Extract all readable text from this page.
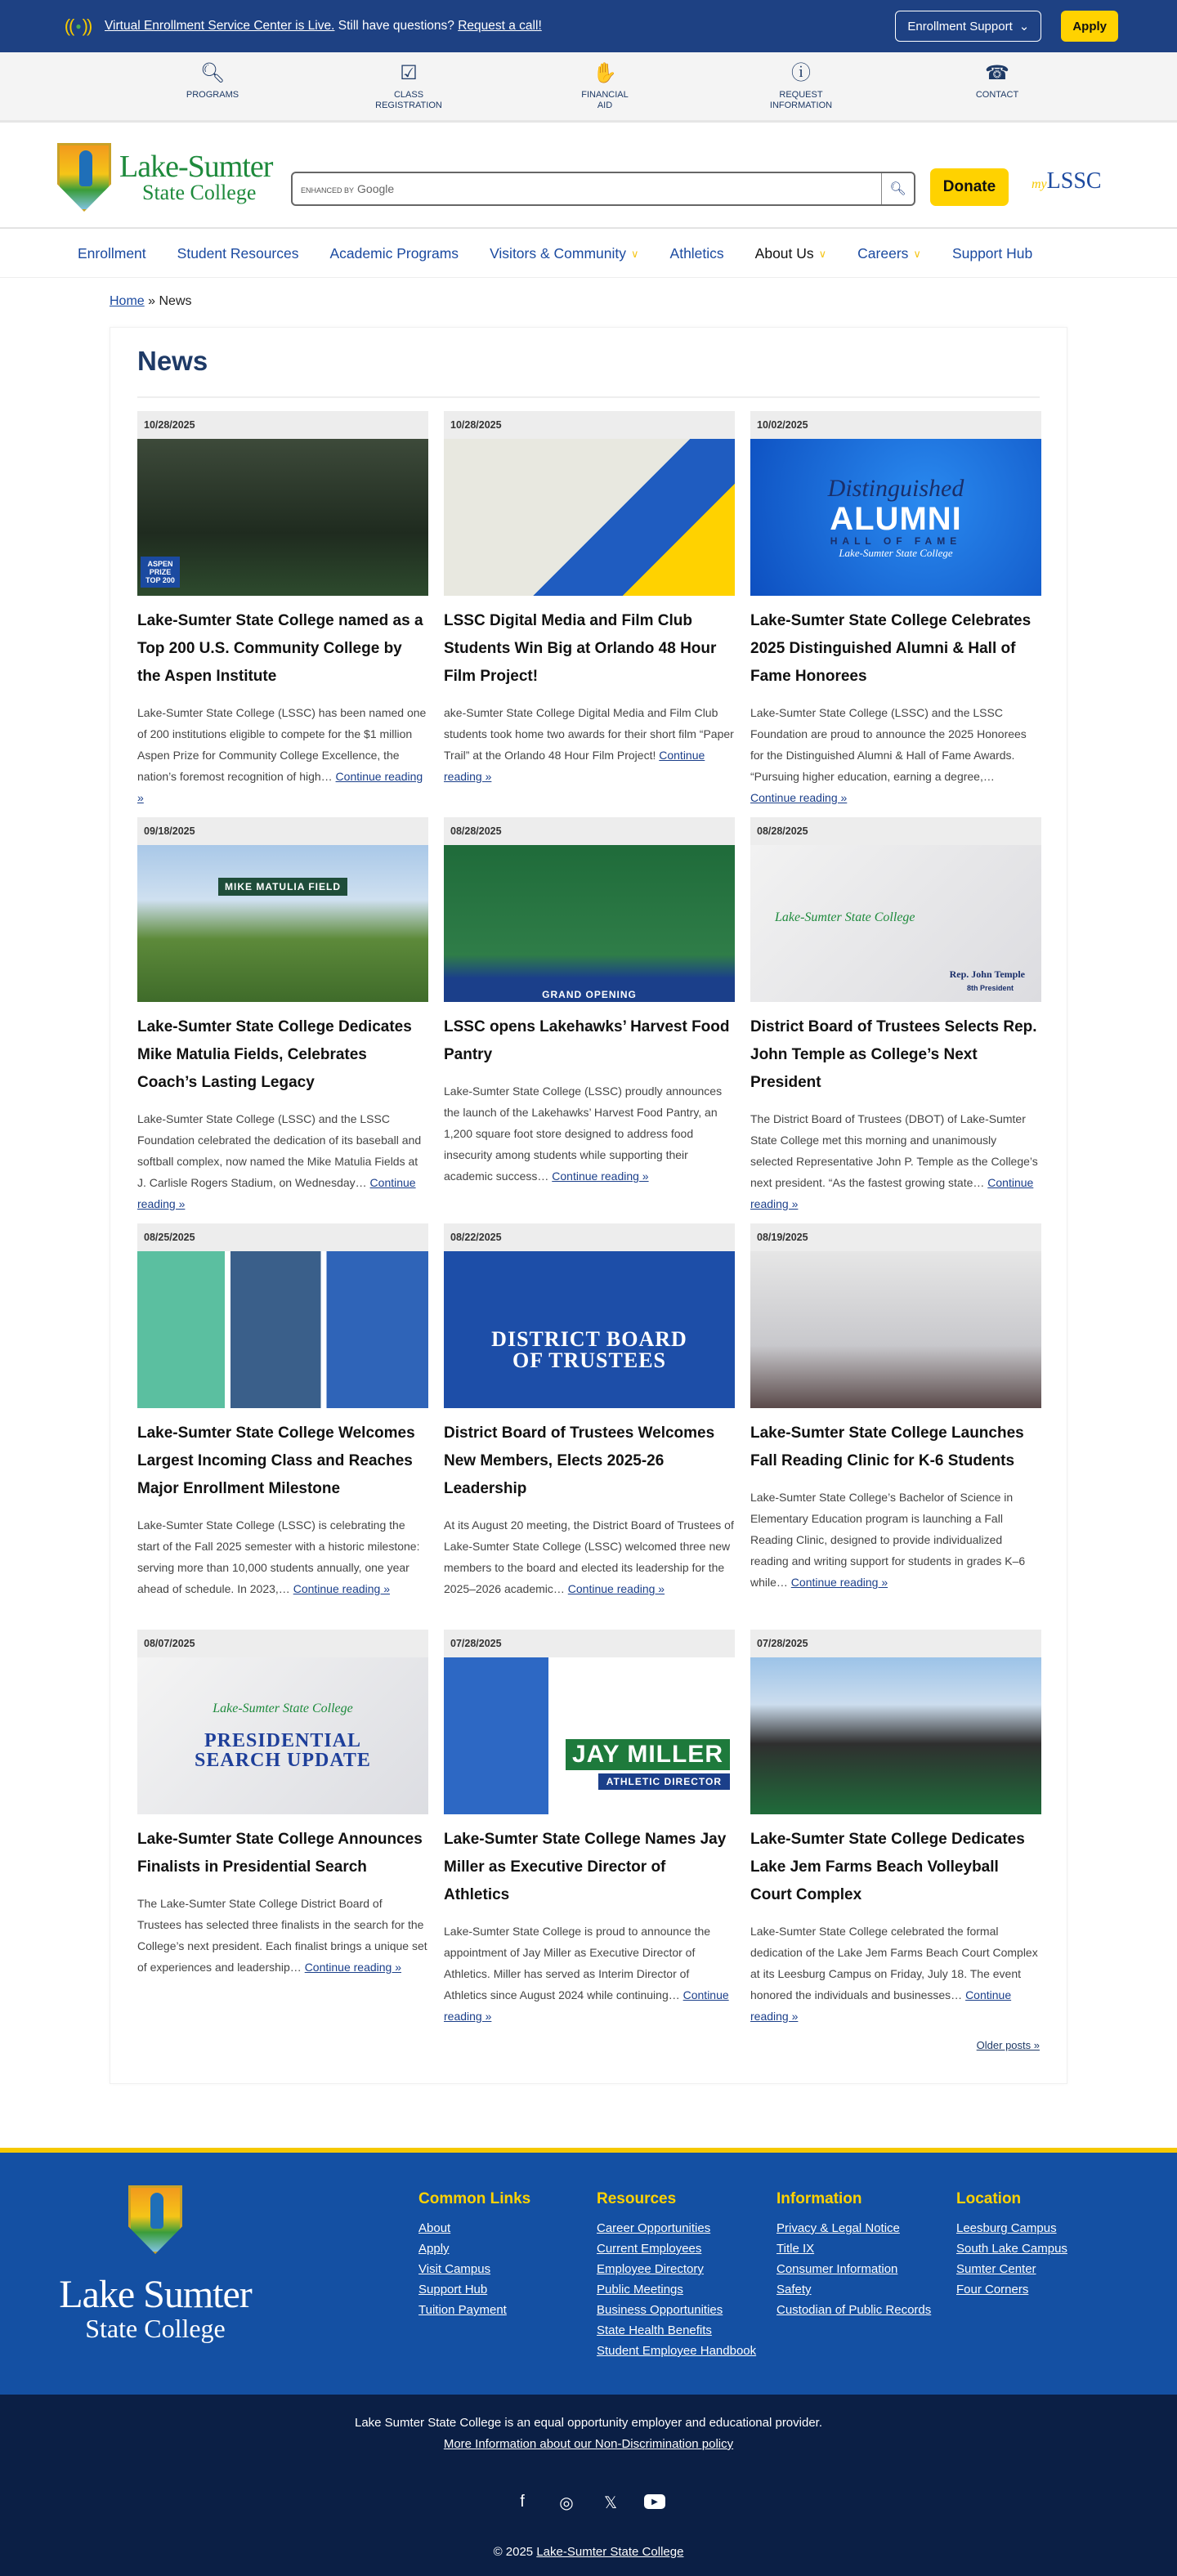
(( ● ))	Virtual Enrollment Service Center is Live.
Still have questions?
Request a call!	Enrollment Support ⌄	Apply
🔍︎
PROGRAMS
☑
CLASS
REGISTRATION
✋
FINANCIAL
AID
ⓘ
REQUEST
INFORMATION
☎
CONTACT
Lake-Sumter
State College	ENHANCED BY Google	🔍︎	Donate	myLSSC
Enrollment Student Resources Academic Programs Visitors & Community ∨ Athletics About Us ∨ Careers ∨ Support Hub
Home » News
News
10/28/2025
ASPEN PRIZE TOP 200
Lake-Sumter State College named as a Top 200 U.S. Community College by the Aspen Institute

Lake-Sumter State College (LSSC) has been named one of 200 institutions eligible to compete for the $1 million Aspen Prize for Community College Excellence, the nation’s foremost recognition of high… Continue reading »

10/28/2025
LSSC Digital Media and Film Club Students Win Big at Orlando 48 Hour Film Project!

ake-Sumter State College Digital Media and Film Club students took home two awards for their short film “Paper Trail” at the Orlando 48 Hour Film Project! Continue reading »

10/02/2025
Distinguished
ALUMNI
HALL OF FAME
Lake-Sumter State College
Lake-Sumter State College Celebrates 2025 Distinguished Alumni & Hall of Fame Honorees

Lake-Sumter State College (LSSC) and the LSSC Foundation are proud to announce the 2025 Honorees for the Distinguished Alumni & Hall of Fame Awards. “Pursuing higher education, earning a degree,… Continue reading »

09/18/2025
MIKE MATULIA FIELD
Lake-Sumter State College Dedicates Mike Matulia Fields, Celebrates Coach’s Lasting Legacy

Lake-Sumter State College (LSSC) and the LSSC Foundation celebrated the dedication of its baseball and softball complex, now named the Mike Matulia Fields at J. Carlisle Rogers Stadium, on Wednesday… Continue reading »

08/28/2025
GRAND OPENING
LSSC opens Lakehawks’ Harvest Food Pantry

Lake-Sumter State College (LSSC) proudly announces the launch of the Lakehawks’ Harvest Food Pantry, an 1,200 square foot store designed to address food insecurity among students while supporting their academic success… Continue reading »

08/28/2025
Lake-Sumter State College
Rep. John Temple
8th President
District Board of Trustees Selects Rep. John Temple as College’s Next President

The District Board of Trustees (DBOT) of Lake-Sumter State College met this morning and unanimously selected Representative John P. Temple as the College’s next president. “As the fastest growing state… Continue reading »

08/25/2025
Lake-Sumter State College Welcomes Largest Incoming Class and Reaches Major Enrollment Milestone

Lake-Sumter State College (LSSC) is celebrating the start of the Fall 2025 semester with a historic milestone: serving more than 10,000 students annually, one year ahead of schedule. In 2023,… Continue reading »

08/22/2025
DISTRICT BOARD
OF TRUSTEES
District Board of Trustees Welcomes New Members, Elects 2025-26 Leadership

At its August 20 meeting, the District Board of Trustees of Lake-Sumter State College (LSSC) welcomed three new members to the board and elected its leadership for the 2025–2026 academic… Continue reading »

08/19/2025
Lake-Sumter State College Launches Fall Reading Clinic for K-6 Students

Lake-Sumter State College’s Bachelor of Science in Elementary Education program is launching a Fall Reading Clinic, designed to provide individualized reading and writing support for students in grades K–6 while… Continue reading »

08/07/2025
Lake-Sumter State College
PRESIDENTIAL
SEARCH UPDATE
Lake-Sumter State College Announces Finalists in Presidential Search

The Lake-Sumter State College District Board of Trustees has selected three finalists in the search for the College’s next president. Each finalist brings a unique set of experiences and leadership… Continue reading »

07/28/2025
JAY MILLER
ATHLETIC DIRECTOR
Lake-Sumter State College Names Jay Miller as Executive Director of Athletics

Lake-Sumter State College is proud to announce the appointment of Jay Miller as Executive Director of Athletics. Miller has served as Interim Director of Athletics since August 2024 while continuing… Continue reading »

07/28/2025
Lake-Sumter State College Dedicates Lake Jem Farms Beach Volleyball Court Complex

Lake-Sumter State College celebrated the formal dedication of the Lake Jem Farms Beach Court Complex at its Leesburg Campus on Friday, July 18. The event honored the individuals and businesses… Continue reading »

Older posts »
Lake Sumter
State College
Common Links
About
Apply
Visit Campus
Support Hub
Tuition Payment
Resources
Career Opportunities
Current Employees
Employee Directory
Public Meetings
Business Opportunities
State Health Benefits
Student Employee Handbook
Information
Privacy & Legal Notice
Title IX
Consumer Information
Safety
Custodian of Public Records
Location
Leesburg Campus
South Lake Campus
Sumter Center
Four Corners
Lake Sumter State College is an equal opportunity employer and educational provider.
More Information about our Non-Discrimination policy
f	◎ 𝕏	▶
© 2025 Lake-Sumter State College
